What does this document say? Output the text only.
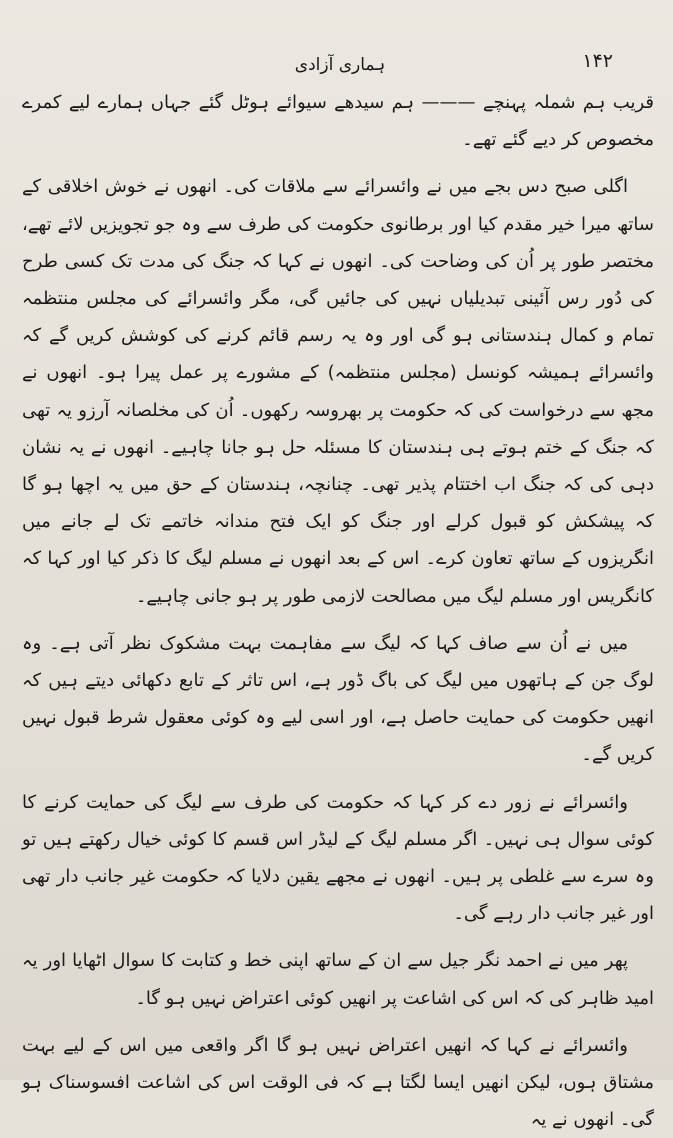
ہماری آزادی	۱۴۲

قریب ہم شملہ پہنچے ——— ہم سیدھے سیوائے ہوٹل گئے جہاں ہمارے لیے کمرے مخصوص کر دیے گئے تھے۔

اگلی صبح دس بجے میں نے وائسرائے سے ملاقات کی۔ انھوں نے خوش اخلاقی کے ساتھ میرا خیر مقدم کیا اور برطانوی حکومت کی طرف سے وہ جو تجویزیں لائے تھے، مختصر طور پر اُن کی وضاحت کی۔ انھوں نے کہا کہ جنگ کی مدت تک کسی طرح کی دُور رس آئینی تبدیلیاں نہیں کی جائیں گی، مگر وائسرائے کی مجلس منتظمہ تمام و کمال ہندستانی ہو گی اور وہ یہ رسم قائم کرنے کی کوشش کریں گے کہ وائسرائے ہمیشہ کونسل (مجلس منتظمہ) کے مشورے پر عمل پیرا ہو۔ انھوں نے مجھ سے درخواست کی کہ حکومت پر بھروسہ رکھوں۔ اُن کی مخلصانہ آرزو یہ تھی کہ جنگ کے ختم ہوتے ہی ہندستان کا مسئلہ حل ہو جانا چاہیے۔ انھوں نے یہ نشان دہی کی کہ جنگ اب اختتام پذیر تھی۔ چنانچہ، ہندستان کے حق میں یہ اچھا ہو گا کہ پیشکش کو قبول کرلے اور جنگ کو ایک فتح مندانہ خاتمے تک لے جانے میں انگریزوں کے ساتھ تعاون کرے۔ اس کے بعد انھوں نے مسلم لیگ کا ذکر کیا اور کہا کہ کانگریس اور مسلم لیگ میں مصالحت لازمی طور پر ہو جانی چاہیے۔

میں نے اُن سے صاف کہا کہ لیگ سے مفاہمت بہت مشکوک نظر آتی ہے۔ وہ لوگ جن کے ہاتھوں میں لیگ کی باگ ڈور ہے، اس تاثر کے تابع دکھائی دیتے ہیں کہ انھیں حکومت کی حمایت حاصل ہے، اور اسی لیے وہ کوئی معقول شرط قبول نہیں کریں گے۔

وائسرائے نے زور دے کر کہا کہ حکومت کی طرف سے لیگ کی حمایت کرنے کا کوئی سوال ہی نہیں۔ اگر مسلم لیگ کے لیڈر اس قسم کا کوئی خیال رکھتے ہیں تو وہ سرے سے غلطی پر ہیں۔ انھوں نے مجھے یقین دلایا کہ حکومت غیر جانب دار تھی اور غیر جانب دار رہے گی۔

پھر میں نے احمد نگر جیل سے ان کے ساتھ اپنی خط و کتابت کا سوال اٹھایا اور یہ امید ظاہر کی کہ اس کی اشاعت پر انھیں کوئی اعتراض نہیں ہو گا۔

وائسرائے نے کہا کہ انھیں اعتراض نہیں ہو گا اگر واقعی میں اس کے لیے بہت مشتاق ہوں، لیکن انھیں ایسا لگتا ہے کہ فی الوقت اس کی اشاعت افسوسناک ہو گی۔ انھوں نے یہ
